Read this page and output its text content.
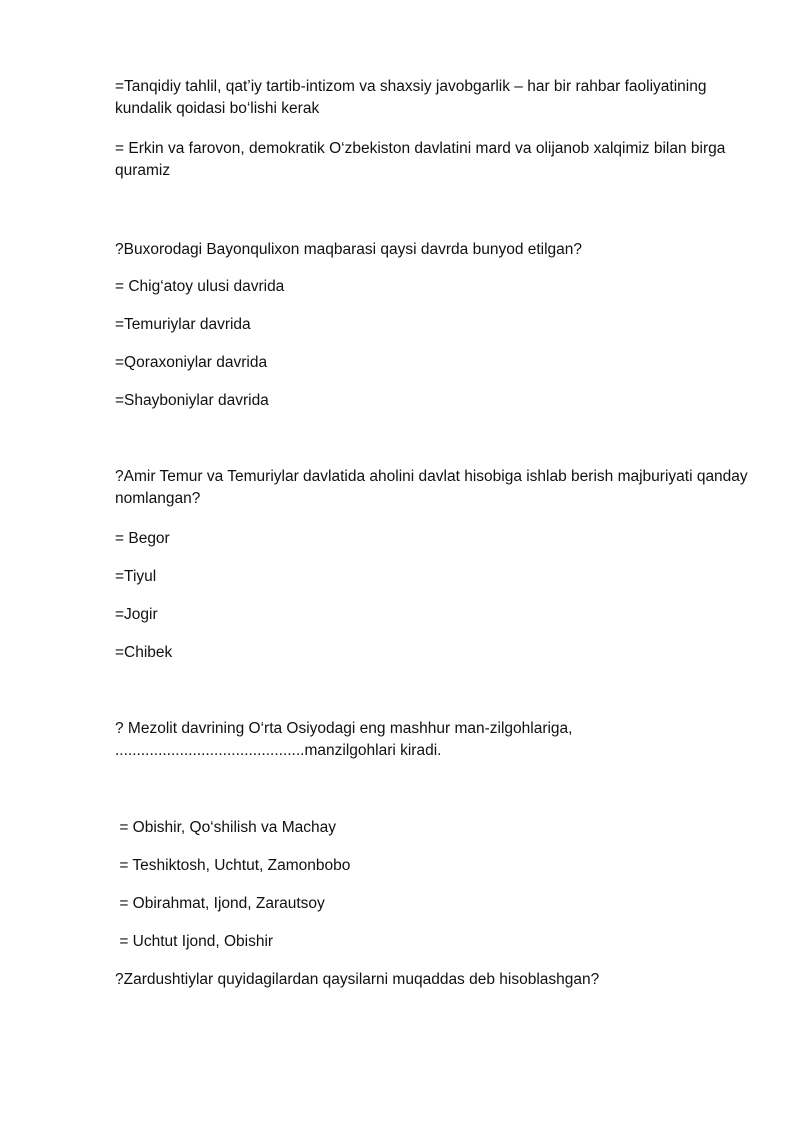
=Tanqidiy tahlil, qat’iy tartib-intizom va shaxsiy javobgarlik – har bir rahbar faoliyatining kundalik qoidasi bo‘lishi kerak

= Erkin va farovon, demokratik O‘zbekiston davlatini mard va olijanob xalqimiz bilan birga quramiz

?Buxorodagi Bayonqulixon maqbarasi qaysi davrda bunyod etilgan?

= Chig‘atoy ulusi davrida

=Temuriylar davrida

=Qoraxoniylar davrida

=Shayboniylar davrida

?Amir Temur va Temuriylar davlatida aholini davlat hisobiga ishlab berish majburiyati qanday nomlangan?

= Begor

=Tiyul

=Jogir

=Chibek

? Mezolit davrining O‘rta Osiyodagi eng mashhur man-zilgohlariga, ............................................manzilgohlari kiradi.

= Obishir, Qo‘shilish va Machay

= Teshiktosh, Uchtut, Zamonbobo

= Obirahmat, Ijond, Zarautsoy

= Uchtut Ijond, Obishir

?Zardushtiylar quyidagilardan qaysilarni muqaddas deb hisoblashgan?
